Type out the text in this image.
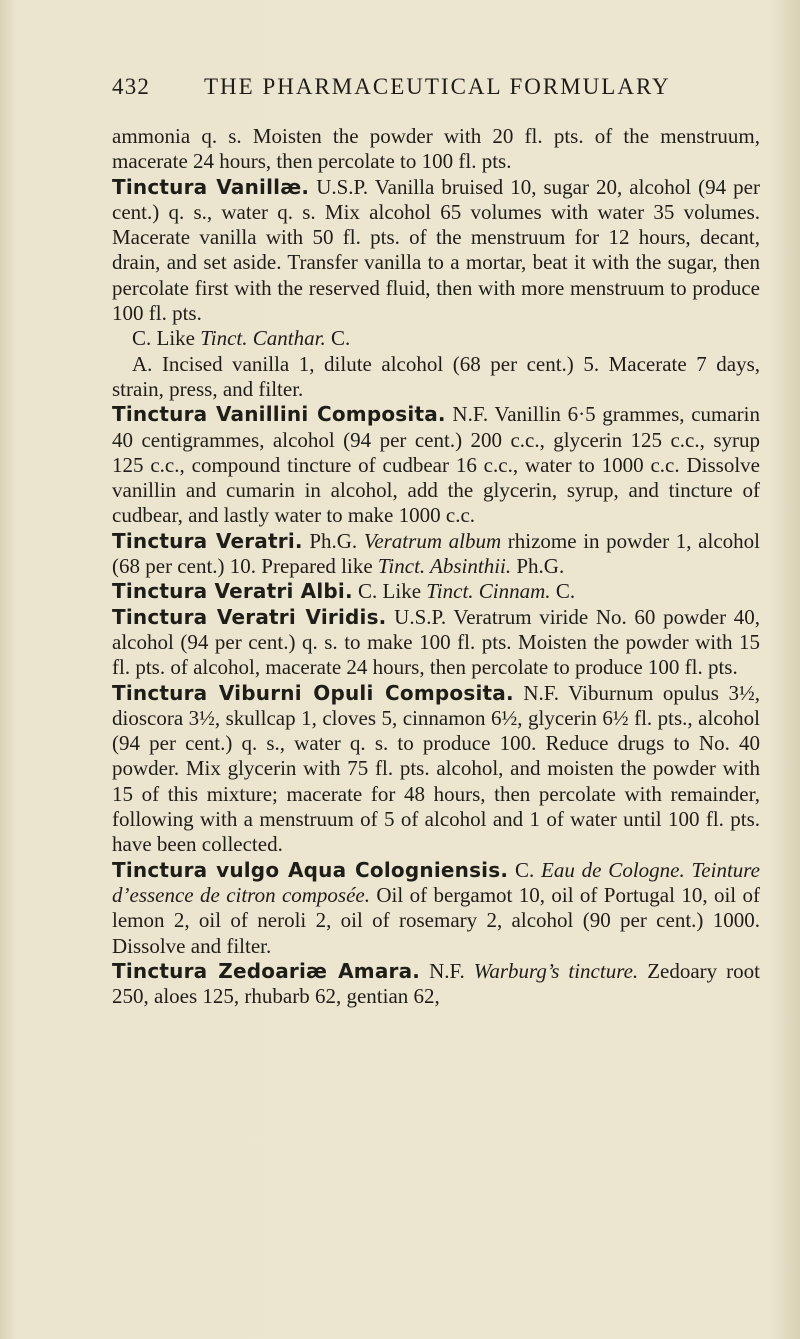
432 THE PHARMACEUTICAL FORMULARY

ammonia q. s. Moisten the powder with 20 fl. pts. of the menstruum, macerate 24 hours, then percolate to 100 fl. pts.

Tinctura Vanillæ. U.S.P. Vanilla bruised 10, sugar 20, alcohol (94 per cent.) q. s., water q. s. Mix alcohol 65 volumes with water 35 volumes. Macerate vanilla with 50 fl. pts. of the menstruum for 12 hours, decant, drain, and set aside. Transfer vanilla to a mortar, beat it with the sugar, then percolate first with the reserved fluid, then with more menstruum to produce 100 fl. pts.

C. Like Tinct. Canthar. C.

A. Incised vanilla 1, dilute alcohol (68 per cent.) 5. Macerate 7 days, strain, press, and filter.

Tinctura Vanillini Composita. N.F. Vanillin 6·5 grammes, cumarin 40 centigrammes, alcohol (94 per cent.) 200 c.c., glycerin 125 c.c., syrup 125 c.c., compound tincture of cudbear 16 c.c., water to 1000 c.c. Dissolve vanillin and cumarin in alcohol, add the glycerin, syrup, and tincture of cudbear, and lastly water to make 1000 c.c.

Tinctura Veratri. Ph.G. Veratrum album rhizome in powder 1, alcohol (68 per cent.) 10. Prepared like Tinct. Absinthii. Ph.G.

Tinctura Veratri Albi. C. Like Tinct. Cinnam. C.

Tinctura Veratri Viridis. U.S.P. Veratrum viride No. 60 powder 40, alcohol (94 per cent.) q. s. to make 100 fl. pts. Moisten the powder with 15 fl. pts. of alcohol, macerate 24 hours, then percolate to produce 100 fl. pts.

Tinctura Viburni Opuli Composita. N.F. Viburnum opulus 3½, dioscora 3½, skullcap 1, cloves 5, cinnamon 6½, glycerin 6½ fl. pts., alcohol (94 per cent.) q. s., water q. s. to produce 100. Reduce drugs to No. 40 powder. Mix glycerin with 75 fl. pts. alcohol, and moisten the powder with 15 of this mixture; macerate for 48 hours, then percolate with remainder, following with a menstruum of 5 of alcohol and 1 of water until 100 fl. pts. have been collected.

Tinctura vulgo Aqua Cologniensis. C. Eau de Cologne. Teinture d’essence de citron composée. Oil of bergamot 10, oil of Portugal 10, oil of lemon 2, oil of neroli 2, oil of rosemary 2, alcohol (90 per cent.) 1000. Dissolve and filter.

Tinctura Zedoariæ Amara. N.F. Warburg’s tincture. Zedoary root 250, aloes 125, rhubarb 62, gentian 62,
